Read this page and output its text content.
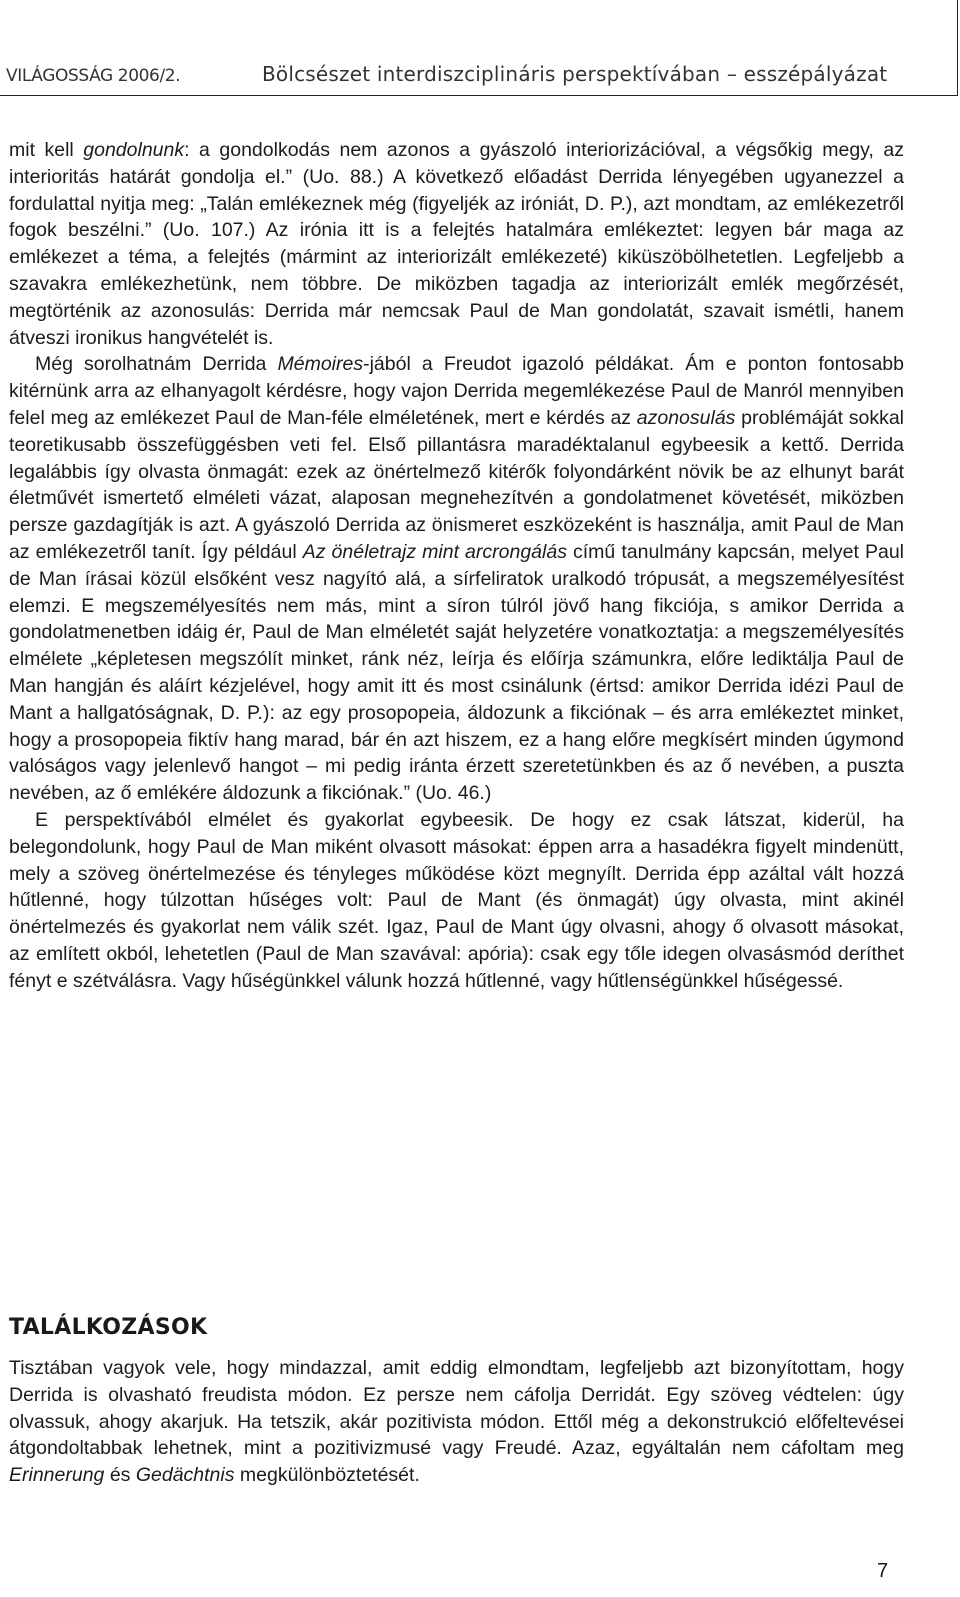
VILÁGOSSÁG 2006/2.	Bölcsészet interdiszciplináris perspektívában – esszépályázat

mit kell gondolnunk: a gondolkodás nem azonos a gyászoló interiorizációval, a végsőkig megy, az interioritás határát gondolja el.” (Uo. 88.) A következő előadást Derrida lényegében ugyanezzel a fordulattal nyitja meg: „Talán emlékeznek még (figyeljék az iróniát, D. P.), azt mondtam, az emlékezetről fogok beszélni.” (Uo. 107.) Az irónia itt is a felejtés hatalmára emlékeztet: legyen bár maga az emlékezet a téma, a felejtés (mármint az interiorizált emlékezeté) kiküszöbölhetetlen. Legfeljebb a szavakra emlékezhetünk, nem többre. De miközben tagadja az interiorizált emlék megőrzését, megtörténik az azonosulás: Derrida már nemcsak Paul de Man gondolatát, szavait ismétli, hanem átveszi ironikus hangvételét is.

Még sorolhatnám Derrida Mémoires-jából a Freudot igazoló példákat. Ám e ponton fontosabb kitérnünk arra az elhanyagolt kérdésre, hogy vajon Derrida megemlékezése Paul de Manról mennyiben felel meg az emlékezet Paul de Man-féle elméletének, mert e kérdés az azonosulás problémáját sokkal teoretikusabb összefüggésben veti fel. Első pillantásra maradéktalanul egybeesik a kettő. Derrida legalábbis így olvasta önmagát: ezek az önértelmező kitérők folyondárként növik be az elhunyt barát életművét ismertető elméleti vázat, alaposan megnehezítvén a gondolatmenet követését, miközben persze gazdagítják is azt. A gyászoló Derrida az önismeret eszközeként is használja, amit Paul de Man az emlékezetről tanít. Így például Az önéletrajz mint arcrongálás című tanulmány kapcsán, melyet Paul de Man írásai közül elsőként vesz nagyító alá, a sírfeliratok uralkodó trópusát, a megszemélyesítést elemzi. E megszemélyesítés nem más, mint a síron túlról jövő hang fikciója, s amikor Derrida a gondolatmenetben idáig ér, Paul de Man elméletét saját helyzetére vonatkoztatja: a megszemélyesítés elmélete „képletesen megszólít minket, ránk néz, leírja és előírja számunkra, előre lediktálja Paul de Man hangján és aláírt kézjelével, hogy amit itt és most csinálunk (értsd: amikor Derrida idézi Paul de Mant a hallgatóságnak, D. P.): az egy prosopopeia, áldozunk a fikciónak – és arra emlékeztet minket, hogy a prosopopeia fiktív hang marad, bár én azt hiszem, ez a hang előre megkísért minden úgymond valóságos vagy jelenlevő hangot – mi pedig iránta érzett szeretetünkben és az ő nevében, a puszta nevében, az ő emlékére áldozunk a fikciónak.” (Uo. 46.)

E perspektívából elmélet és gyakorlat egybeesik. De hogy ez csak látszat, kiderül, ha belegondolunk, hogy Paul de Man miként olvasott másokat: éppen arra a hasadékra figyelt mindenütt, mely a szöveg önértelmezése és tényleges működése közt megnyílt. Derrida épp azáltal vált hozzá hűtlenné, hogy túlzottan hűséges volt: Paul de Mant (és önmagát) úgy olvasta, mint akinél önértelmezés és gyakorlat nem válik szét. Igaz, Paul de Mant úgy olvasni, ahogy ő olvasott másokat, az említett okból, lehetetlen (Paul de Man szavával: apória): csak egy tőle idegen olvasásmód deríthet fényt e szétválásra. Vagy hűségünkkel válunk hozzá hűtlenné, vagy hűtlenségünkkel hűségessé.

TALÁLKOZÁSOK

Tisztában vagyok vele, hogy mindazzal, amit eddig elmondtam, legfeljebb azt bizonyítottam, hogy Derrida is olvasható freudista módon. Ez persze nem cáfolja Derridát. Egy szöveg védtelen: úgy olvassuk, ahogy akarjuk. Ha tetszik, akár pozitivista módon. Ettől még a dekonstrukció előfeltevései átgondoltabbak lehetnek, mint a pozitivizmusé vagy Freudé. Azaz, egyáltalán nem cáfoltam meg Erinnerung és Gedächtnis megkülönböztetését.

7
